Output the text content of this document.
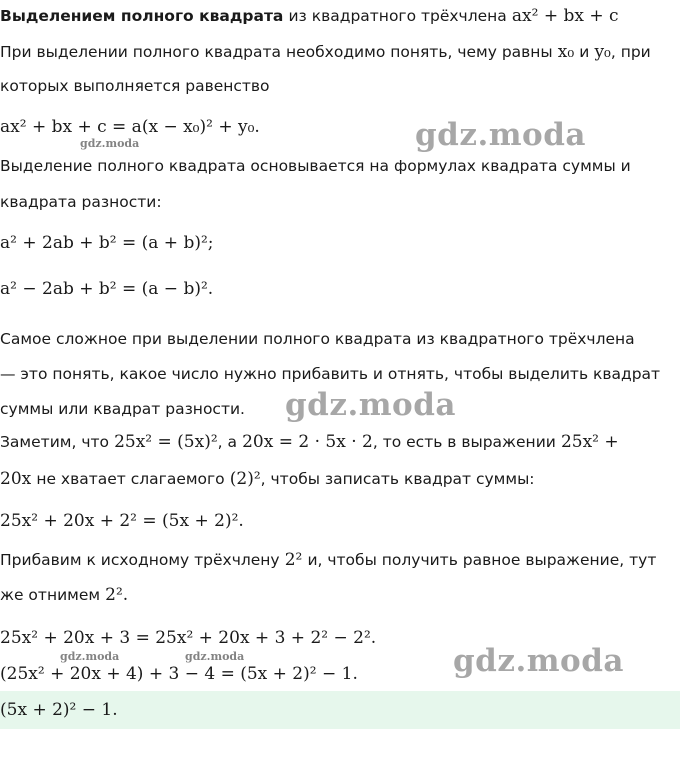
Выделением полного квадрата из квадратного трёхчлена ax² + bx + c
При выделении полного квадрата необходимо понять, чему равны x₀ и y₀, при
которых выполняется равенство
ax² + bx + c = a(x − x₀)² + y₀.
gdz.moda	gdz.moda
Выделение полного квадрата основывается на формулах квадрата суммы и
квадрата разности:
a² + 2ab + b² = (a + b)²;
a² − 2ab + b² = (a − b)².
Самое сложное при выделении полного квадрата из квадратного трёхчлена
— это понять, какое число нужно прибавить и отнять, чтобы выделить квадрат
суммы или квадрат разности. gdz.moda
Заметим, что 25x² = (5x)², а 20x = 2 · 5x · 2, то есть в выражении 25x² +
20x не хватает слагаемого (2)², чтобы записать квадрат суммы:
25x² + 20x + 2² = (5x + 2)².
Прибавим к исходному трёхчлену 2² и, чтобы получить равное выражение, тут
же отнимем 2².
25x² + 20x + 3 = 25x² + 20x + 3 + 2² − 2².
gdz.moda	gdz.moda
(25x² + 20x + 4) + 3 − 4 = (5x + 2)² − 1.	gdz.moda
(5x + 2)² − 1.
